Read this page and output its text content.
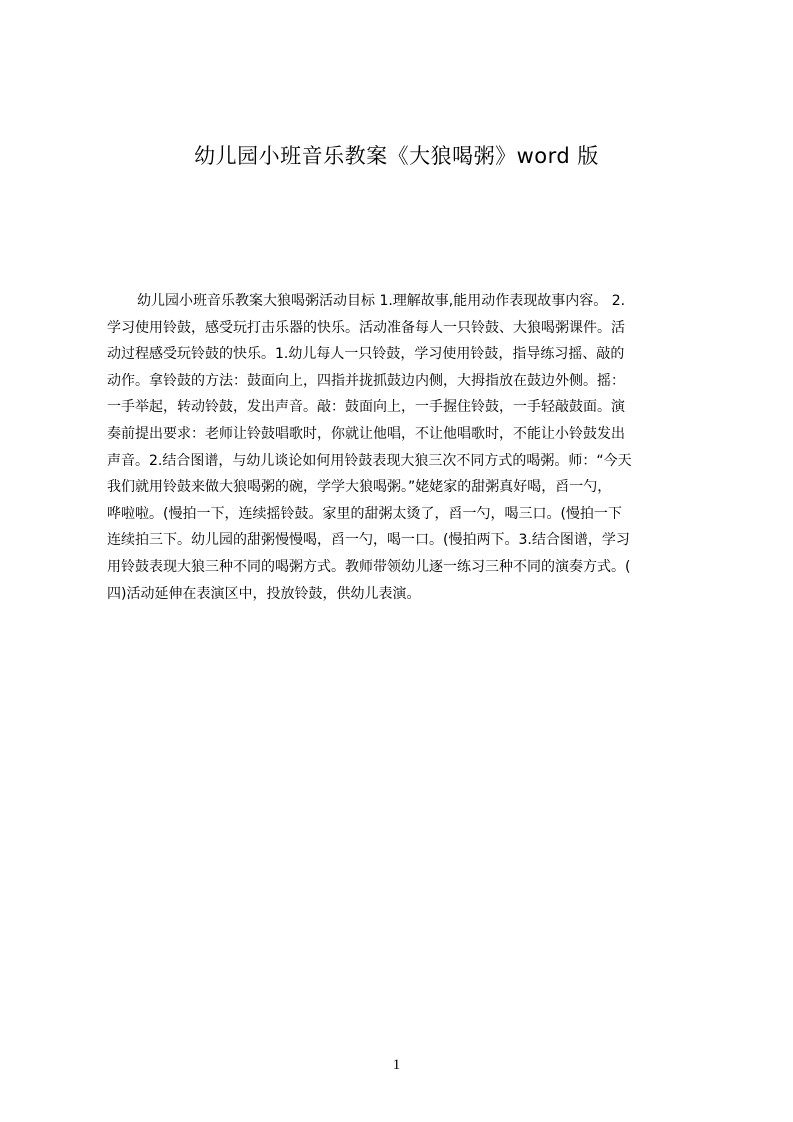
幼儿园小班音乐教案《大狼喝粥》word 版
幼儿园小班音乐教案大狼喝粥活动目标 1.理解故事,能用动作表现故事内容。 2.
学习使用铃鼓，感受玩打击乐器的快乐。活动准备每人一只铃鼓、大狼喝粥课件。活
动过程感受玩铃鼓的快乐。1.幼儿每人一只铃鼓，学习使用铃鼓，指导练习摇、敲的
动作。拿铃鼓的方法：鼓面向上，四指并拢抓鼓边内侧，大拇指放在鼓边外侧。摇：
一手举起，转动铃鼓，发出声音。敲：鼓面向上，一手握住铃鼓，一手轻敲鼓面。演
奏前提出要求：老师让铃鼓唱歌时，你就让他唱，不让他唱歌时，不能让小铃鼓发出
声音。2.结合图谱，与幼儿谈论如何用铃鼓表现大狼三次不同方式的喝粥。师：“今天
我们就用铃鼓来做大狼喝粥的碗，学学大狼喝粥。”姥姥家的甜粥真好喝，舀一勺，
哗啦啦。(慢拍一下，连续摇铃鼓。家里的甜粥太烫了，舀一勺，喝三口。(慢拍一下
连续拍三下。幼儿园的甜粥慢慢喝，舀一勺，喝一口。(慢拍两下。3.结合图谱，学习
用铃鼓表现大狼三种不同的喝粥方式。教师带领幼儿逐一练习三种不同的演奏方式。(
四)活动延伸在表演区中，投放铃鼓，供幼儿表演。
1
